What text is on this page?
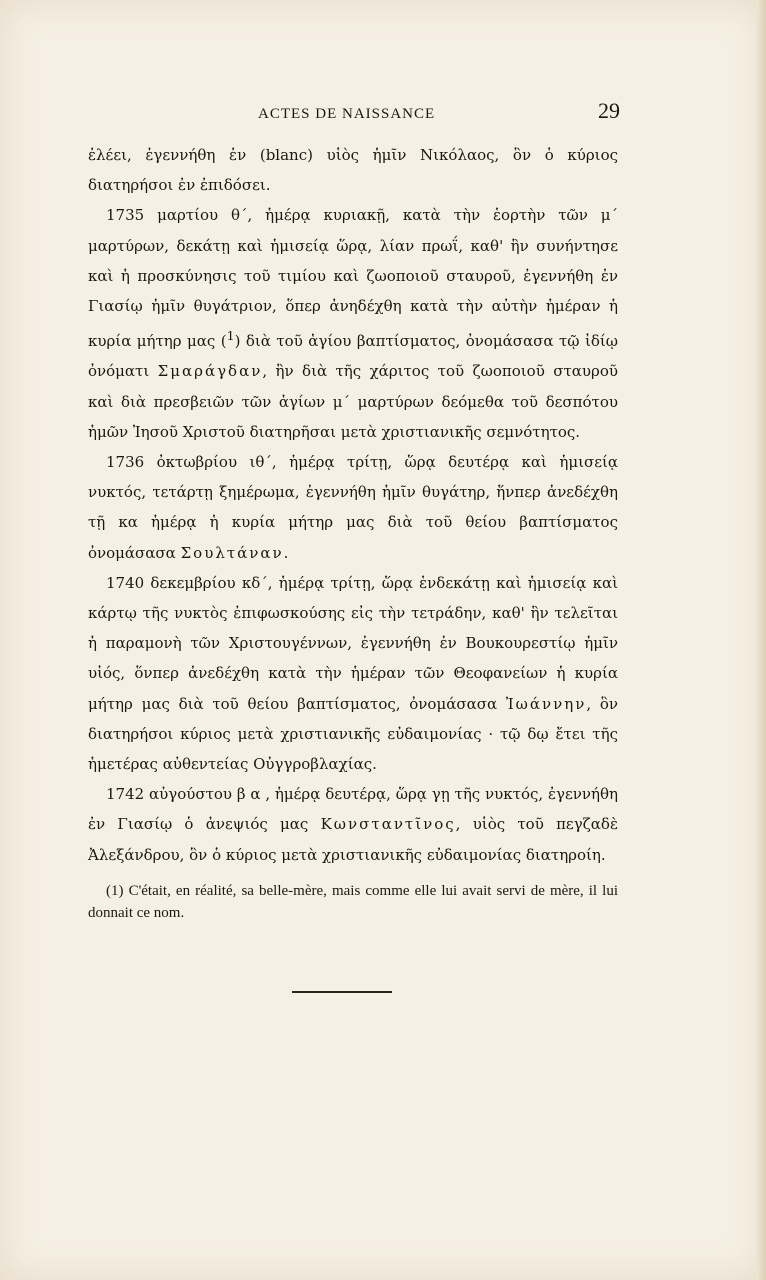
ACTES DE NAISSANCE	29

ἐλέει, ἐγεννήθη ἐν (blanc) υἱὸς ἡμῖν Νικόλαος, ὃν ὁ κύριος διατηρήσοι ἐν ἐπιδόσει.

1735 μαρτίου θ΄, ἡμέρᾳ κυριακῇ, κατὰ τὴν ἑορτὴν τῶν μ΄ μαρτύρων, δεκάτῃ καὶ ἡμισείᾳ ὥρᾳ, λίαν πρωΐ, καθ' ἣν συνήντησε καὶ ἡ προσκύνησις τοῦ τιμίου καὶ ζωοποιοῦ σταυροῦ, ἐγεννήθη ἐν Γιασίῳ ἡμῖν θυγάτριον, ὅπερ ἀνηδέχθη κατὰ τὴν αὐτὴν ἡμέραν ἡ κυρία μήτηρ μας ($^1$) διὰ τοῦ ἁγίου βαπτίσματος, ὀνομάσασα τῷ ἰδίῳ ὀνόματι Σμαράγδαν, ἣν διὰ τῆς χάριτος τοῦ ζωοποιοῦ σταυροῦ καὶ διὰ πρεσβειῶν τῶν ἁγίων μ΄ μαρτύρων δεόμεθα τοῦ δεσπότου ἡμῶν Ἰησοῦ Χριστοῦ διατηρῆσαι μετὰ χριστιανικῆς σεμνότητος.

1736 ὀκτωβρίου ιθ΄, ἡμέρᾳ τρίτῃ, ὥρᾳ δευτέρᾳ καὶ ἡμισείᾳ νυκτός, τετάρτῃ ξημέρωμα, ἐγεννήθη ἡμῖν θυγάτηρ, ἥνπερ ἀνεδέχθη τῇ κα ἡμέρᾳ ἡ κυρία μήτηρ μας διὰ τοῦ θείου βαπτίσματος ὀνομάσασα Σουλτάναν.

1740 δεκεμβρίου κδ΄, ἡμέρᾳ τρίτῃ, ὥρᾳ ἑνδεκάτῃ καὶ ἡμισείᾳ καὶ κάρτῳ τῆς νυκτὸς ἐπιφωσκούσης εἰς τὴν τετράδην, καθ' ἣν τελεῖται ἡ παραμονὴ τῶν Χριστουγέννων, ἐγεννήθη ἐν Βουκουρεστίῳ ἡμῖν υἱός, ὅνπερ ἀνεδέχθη κατὰ τὴν ἡμέραν τῶν Θεοφανείων ἡ κυρία μήτηρ μας διὰ τοῦ θείου βαπτίσματος, ὀνομάσασα Ἰωάννην, ὃν διατηρήσοι κύριος μετὰ χριστιανικῆς εὐδαιμονίας · τῷ δῳ ἔτει τῆς ἡμετέρας αὐθεντείας Οὐγγροβλαχίας.

1742 αὐγούστου β α , ἡμέρᾳ δευτέρᾳ, ὥρᾳ γῃ τῆς νυκτός, ἐγεννήθη ἐν Γιασίῳ ὁ ἀνεψιός μας Κωνσταντῖνος, υἱὸς τοῦ πεγζαδὲ Ἀλεξάνδρου, ὃν ὁ κύριος μετὰ χριστιανικῆς εὐδαιμονίας διατηροίη.

(1) C'était, en réalité, sa belle-mère, mais comme elle lui avait servi de mère, il lui donnait ce nom.
